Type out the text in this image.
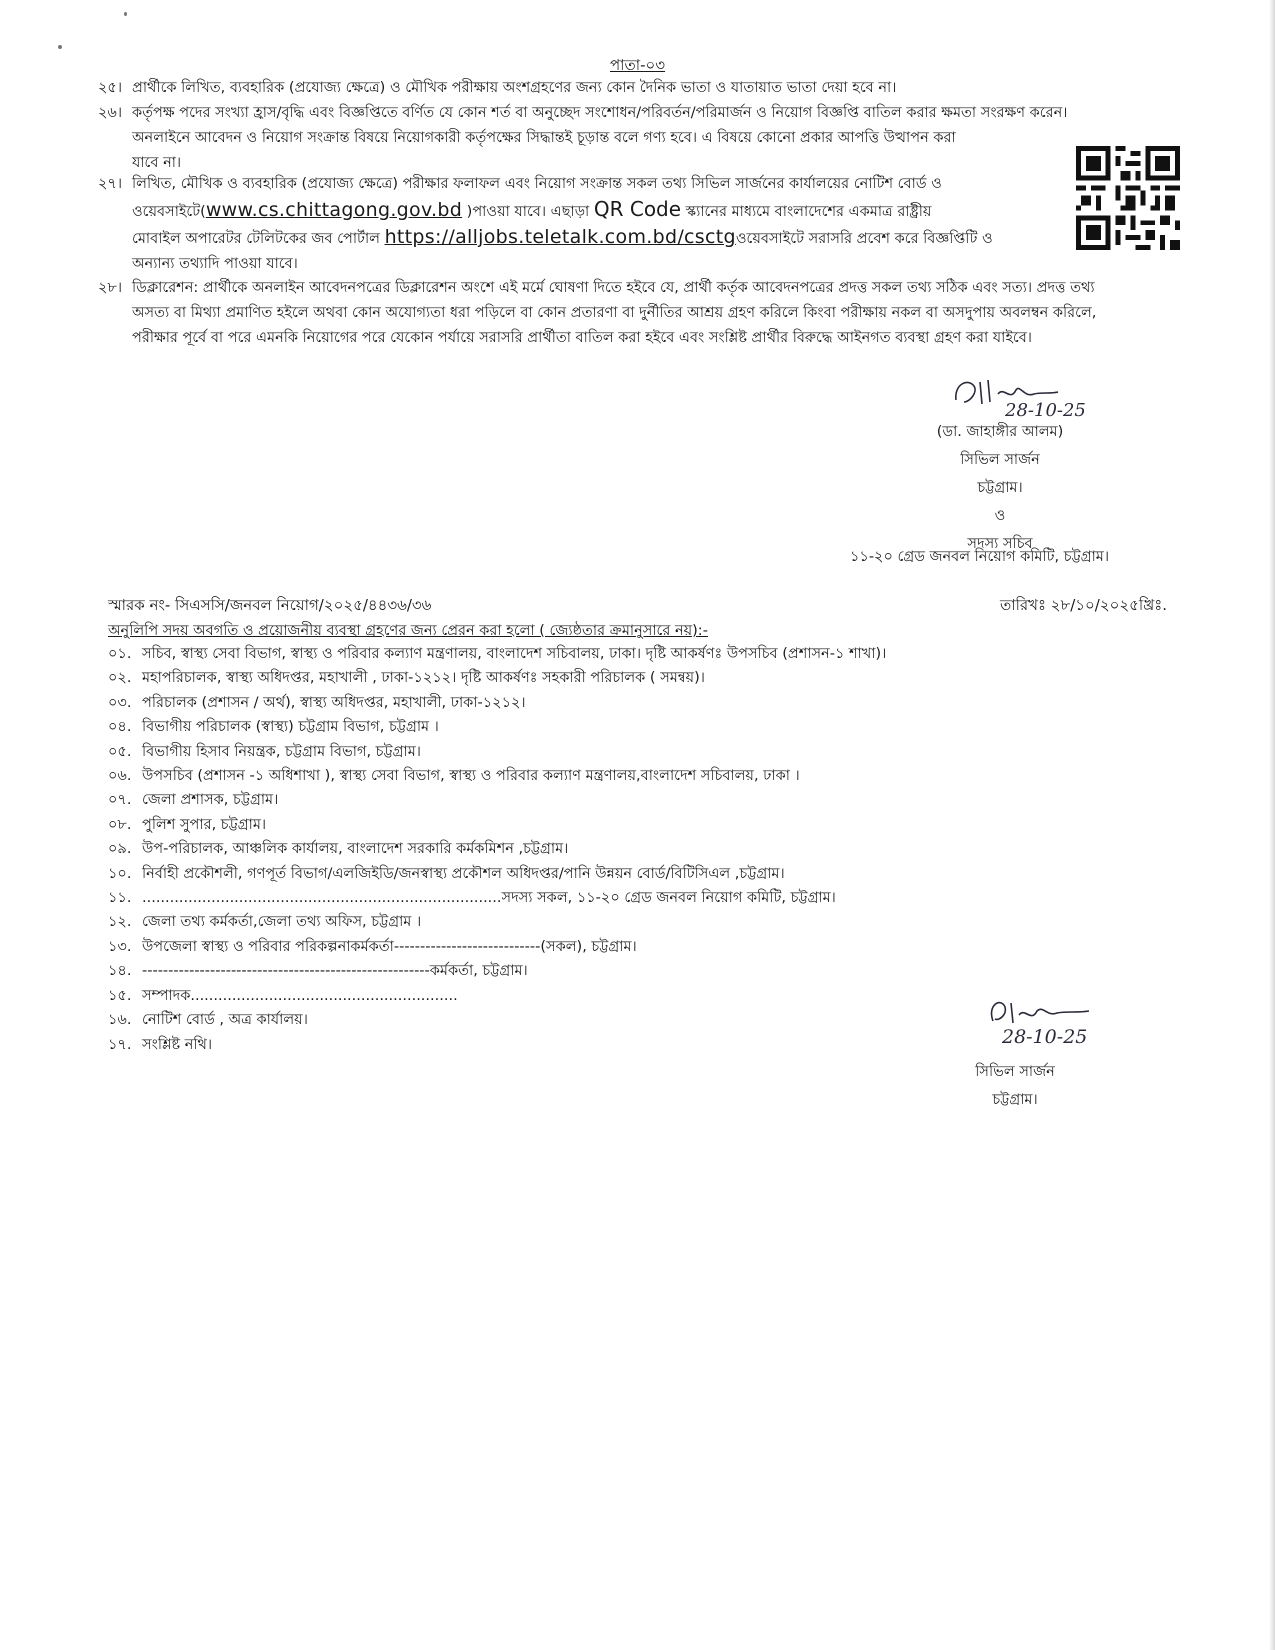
পাতা-০৩
২৫। প্রার্থীকে লিখিত, ব্যবহারিক (প্রযোজ্য ক্ষেত্রে) ও মৌখিক পরীক্ষায় অংশগ্রহণের জন্য কোন দৈনিক ভাতা ও যাতায়াত ভাতা দেয়া হবে না।
২৬। কর্তৃপক্ষ পদের সংখ্যা হ্রাস/বৃদ্ধি এবং বিজ্ঞপ্তিতে বর্ণিত যে কোন শর্ত বা অনুচ্ছেদ সংশোধন/পরিবর্তন/পরিমার্জন ও নিয়োগ বিজ্ঞপ্তি বাতিল করার ক্ষমতা সংরক্ষণ করেন।
অনলাইনে আবেদন ও নিয়োগ সংক্রান্ত বিষয়ে নিয়োগকারী কর্তৃপক্ষের সিদ্ধান্তই চূড়ান্ত বলে গণ্য হবে। এ বিষয়ে কোনো প্রকার আপত্তি উত্থাপন করা
যাবে না।
২৭। লিখিত, মৌখিক ও ব্যবহারিক (প্রযোজ্য ক্ষেত্রে) পরীক্ষার ফলাফল এবং নিয়োগ সংক্রান্ত সকল তথ্য সিভিল সার্জনের কার্যালয়ের নোটিশ বোর্ড ও
ওয়েবসাইটে(www.cs.chittagong.gov.bd )পাওয়া যাবে। এছাড়া QR Code স্ক্যানের মাধ্যমে বাংলাদেশের একমাত্র রাষ্ট্রীয়
মোবাইল অপারেটর টেলিটকের জব পোর্টাল https://alljobs.teletalk.com.bd/csctgওয়েবসাইটে সরাসরি প্রবেশ করে বিজ্ঞপ্তিটি ও
অন্যান্য তথ্যাদি পাওয়া যাবে।
২৮। ডিক্লারেশন: প্রার্থীকে অনলাইন আবেদনপত্রের ডিক্লারেশন অংশে এই মর্মে ঘোষণা দিতে হইবে যে, প্রার্থী কর্তৃক আবেদনপত্রের প্রদত্ত সকল তথ্য সঠিক এবং সত্য। প্রদত্ত তথ্য
অসত্য বা মিথ্যা প্রমাণিত হইলে অথবা কোন অযোগ্যতা ধরা পড়িলে বা কোন প্রতারণা বা দুর্নীতির আশ্রয় গ্রহণ করিলে কিংবা পরীক্ষায় নকল বা অসদুপায় অবলম্বন করিলে,
পরীক্ষার পূর্বে বা পরে এমনকি নিয়োগের পরে যেকোন পর্যায়ে সরাসরি প্রার্থীতা বাতিল করা হইবে এবং সংশ্লিষ্ট প্রার্থীর বিরুদ্ধে আইনগত ব্যবস্থা গ্রহণ করা যাইবে।
28-10-25
(ডা. জাহাঙ্গীর আলম)
সিভিল সার্জন
চট্টগ্রাম।
ও
সদস্য সচিব
১১-২০ গ্রেড জনবল নিয়োগ কমিটি, চট্টগ্রাম।
স্মারক নং- সিএসসি/জনবল নিয়োগ/২০২৫/৪৪৩৬/৩৬	তারিখঃ ২৮/১০/২০২৫খ্রিঃ.
অনুলিপি সদয় অবগতি ও প্রয়োজনীয় ব্যবস্থা গ্রহণের জন্য প্রেরন করা হলো ( জ্যেষ্ঠতার ক্রমানুসারে নয়):-
০১. সচিব, স্বাস্থ্য সেবা বিভাগ, স্বাস্থ্য ও পরিবার কল্যাণ মন্ত্রণালয়, বাংলাদেশ সচিবালয়, ঢাকা। দৃষ্টি আকর্ষণঃ উপসচিব (প্রশাসন-১ শাখা)।
০২. মহাপরিচালক, স্বাস্থ্য অধিদপ্তর, মহাখালী , ঢাকা-১২১২। দৃষ্টি আকর্ষণঃ সহকারী পরিচালক ( সমন্বয়)।
০৩. পরিচালক (প্রশাসন / অর্থ), স্বাস্থ্য অধিদপ্তর, মহাখালী, ঢাকা-১২১২।
০৪. বিভাগীয় পরিচালক (স্বাস্থ্য) চট্টগ্রাম বিভাগ, চট্টগ্রাম ।
০৫. বিভাগীয় হিসাব নিয়ন্ত্রক, চট্টগ্রাম বিভাগ, চট্টগ্রাম।
০৬. উপসচিব (প্রশাসন -১ অধিশাখা ), স্বাস্থ্য সেবা বিভাগ, স্বাস্থ্য ও পরিবার কল্যাণ মন্ত্রণালয়,বাংলাদেশ সচিবালয়, ঢাকা ।
০৭. জেলা প্রশাসক, চট্টগ্রাম।
০৮. পুলিশ সুপার, চট্টগ্রাম।
০৯. উপ-পরিচালক, আঞ্চলিক কার্যালয়, বাংলাদেশ সরকারি কর্মকমিশন ,চট্টগ্রাম।
১০. নির্বাহী প্রকৌশলী, গণপূর্ত বিভাগ/এলজিইডি/জনস্বাস্থ্য প্রকৌশল অধিদপ্তর/পানি উন্নয়ন বোর্ড/বিটিসিএল ,চট্টগ্রাম।
১১. ..............................................................................সদস্য সকল, ১১-২০ গ্রেড জনবল নিয়োগ কমিটি, চট্টগ্রাম।
১২. জেলা তথ্য কর্মকর্তা,জেলা তথ্য অফিস, চট্টগ্রাম ।
১৩. উপজেলা স্বাস্থ্য ও পরিবার পরিকল্পনাকর্মকর্তা----------------------------(সকল), চট্টগ্রাম।
১৪. -------------------------------------------------------কর্মকর্তা, চট্টগ্রাম।
১৫. সম্পাদক..........................................................
১৬. নোটিশ বোর্ড , অত্র কার্যালয়।
১৭. সংশ্লিষ্ট নথি।	28-10-25
সিভিল সার্জন
চট্টগ্রাম।
